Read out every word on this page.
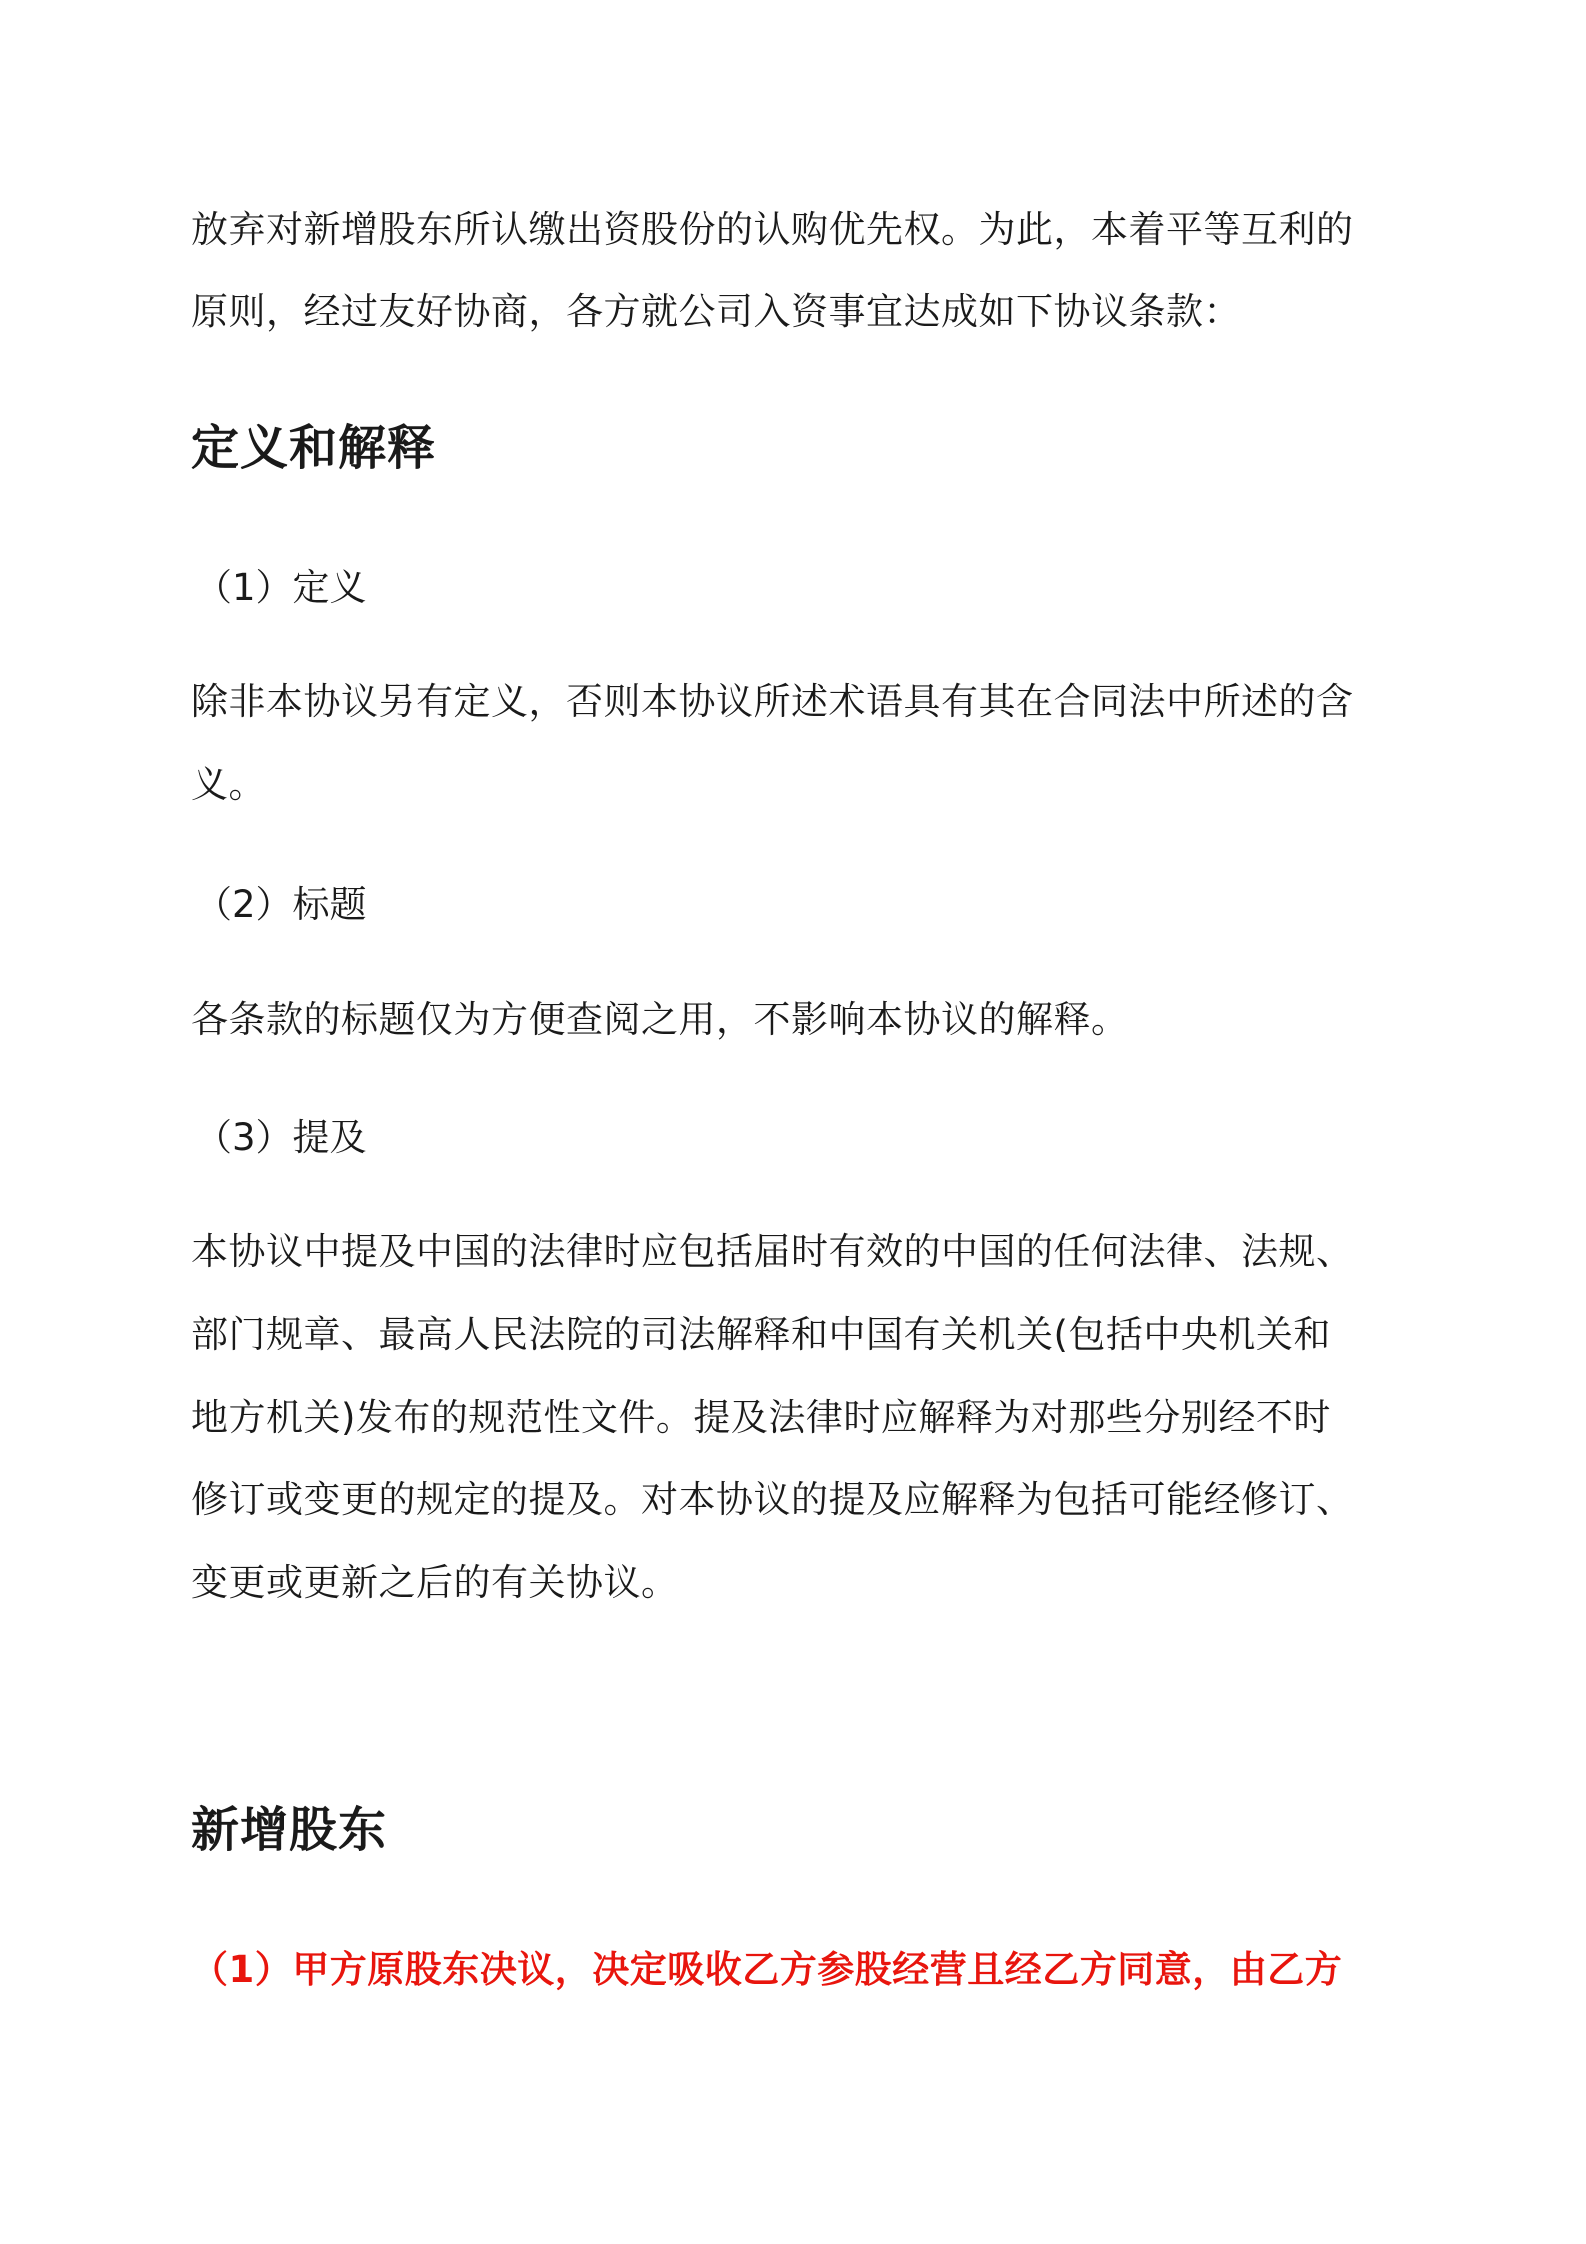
放弃对新增股东所认缴出资股份的认购优先权。为此，本着平等互利的
原则，经过友好协商，各方就公司入资事宜达成如下协议条款：
定义和解释
（1）定义
除非本协议另有定义，否则本协议所述术语具有其在合同法中所述的含
义。
（2）标题
各条款的标题仅为方便查阅之用，不影响本协议的解释。
（3）提及
本协议中提及中国的法律时应包括届时有效的中国的任何法律、法规、
部门规章、最高人民法院的司法解释和中国有关机关(包括中央机关和
地方机关)发布的规范性文件。提及法律时应解释为对那些分别经不时
修订或变更的规定的提及。对本协议的提及应解释为包括可能经修订、
变更或更新之后的有关协议。
新增股东
（1）甲方原股东决议，决定吸收乙方参股经营且经乙方同意，由乙方
